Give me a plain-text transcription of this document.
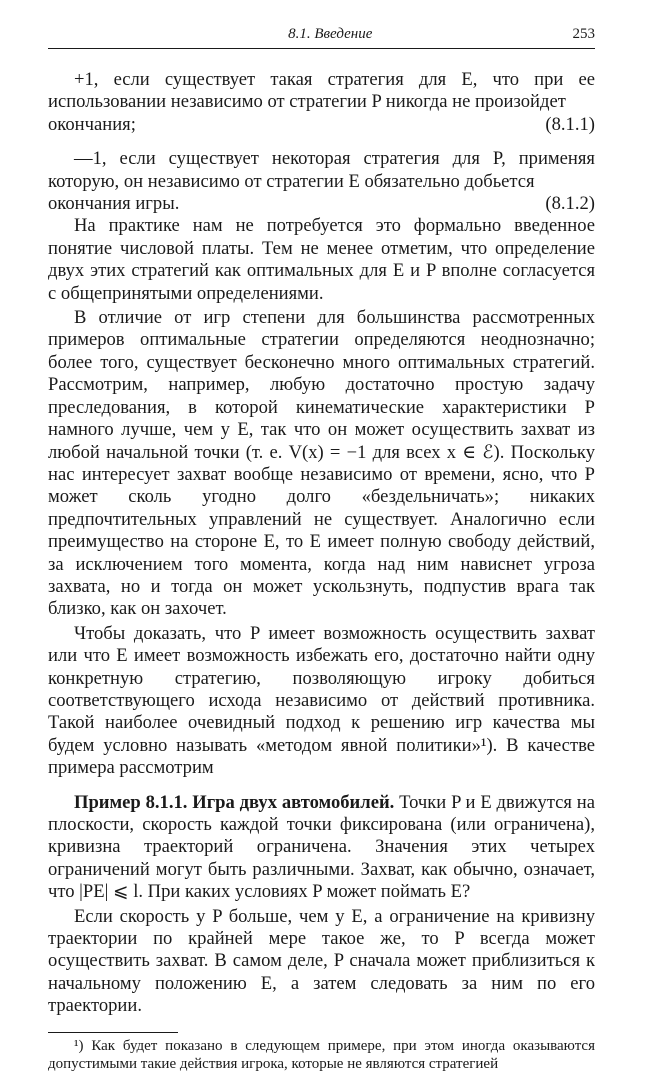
8.1. Введение	253

+1, если существует такая стратегия для E, что при ее использовании независимо от стратегии P никогда не произойдет

окончания;	(8.1.1)

—1, если существует некоторая стратегия для P, применяя которую, он независимо от стратегии E обязательно добьется

окончания игры.	(8.1.2)

На практике нам не потребуется это формально введенное понятие числовой платы. Тем не менее отметим, что определение двух этих стратегий как оптимальных для E и P вполне согласуется с общепринятыми определениями.

В отличие от игр степени для большинства рассмотренных примеров оптимальные стратегии определяются неоднозначно; более того, существует бесконечно много оптимальных стратегий. Рассмотрим, например, любую достаточно простую задачу преследования, в которой кинематические характеристики P намного лучше, чем у E, так что он может осуществить захват из любой начальной точки (т. е. V(x) = −1 для всех x ∈ ℰ). Поскольку нас интересует захват вообще независимо от времени, ясно, что P может сколь угодно долго «бездельничать»; никаких предпочтительных управлений не существует. Аналогично если преимущество на стороне E, то E имеет полную свободу действий, за исключением того момента, когда над ним нависнет угроза захвата, но и тогда он может ускользнуть, подпустив врага так близко, как он захочет.

Чтобы доказать, что P имеет возможность осуществить захват или что E имеет возможность избежать его, достаточно найти одну конкретную стратегию, позволяющую игроку добиться соответствующего исхода независимо от действий противника. Такой наиболее очевидный подход к решению игр качества мы будем условно называть «методом явной политики»¹). В качестве примера рассмотрим

Пример 8.1.1. Игра двух автомобилей. Точки P и E движутся на плоскости, скорость каждой точки фиксирована (или ограничена), кривизна траекторий ограничена. Значения этих четырех ограничений могут быть различными. Захват, как обычно, означает, что |PE| ⩽ l. При каких условиях P может поймать E?

Если скорость у P больше, чем у E, а ограничение на кривизну траектории по крайней мере такое же, то P всегда может осуществить захват. В самом деле, P сначала может приблизиться к начальному положению E, а затем следовать за ним по его траектории.

¹) Как будет показано в следующем примере, при этом иногда оказываются допустимыми такие действия игрока, которые не являются стратегией
